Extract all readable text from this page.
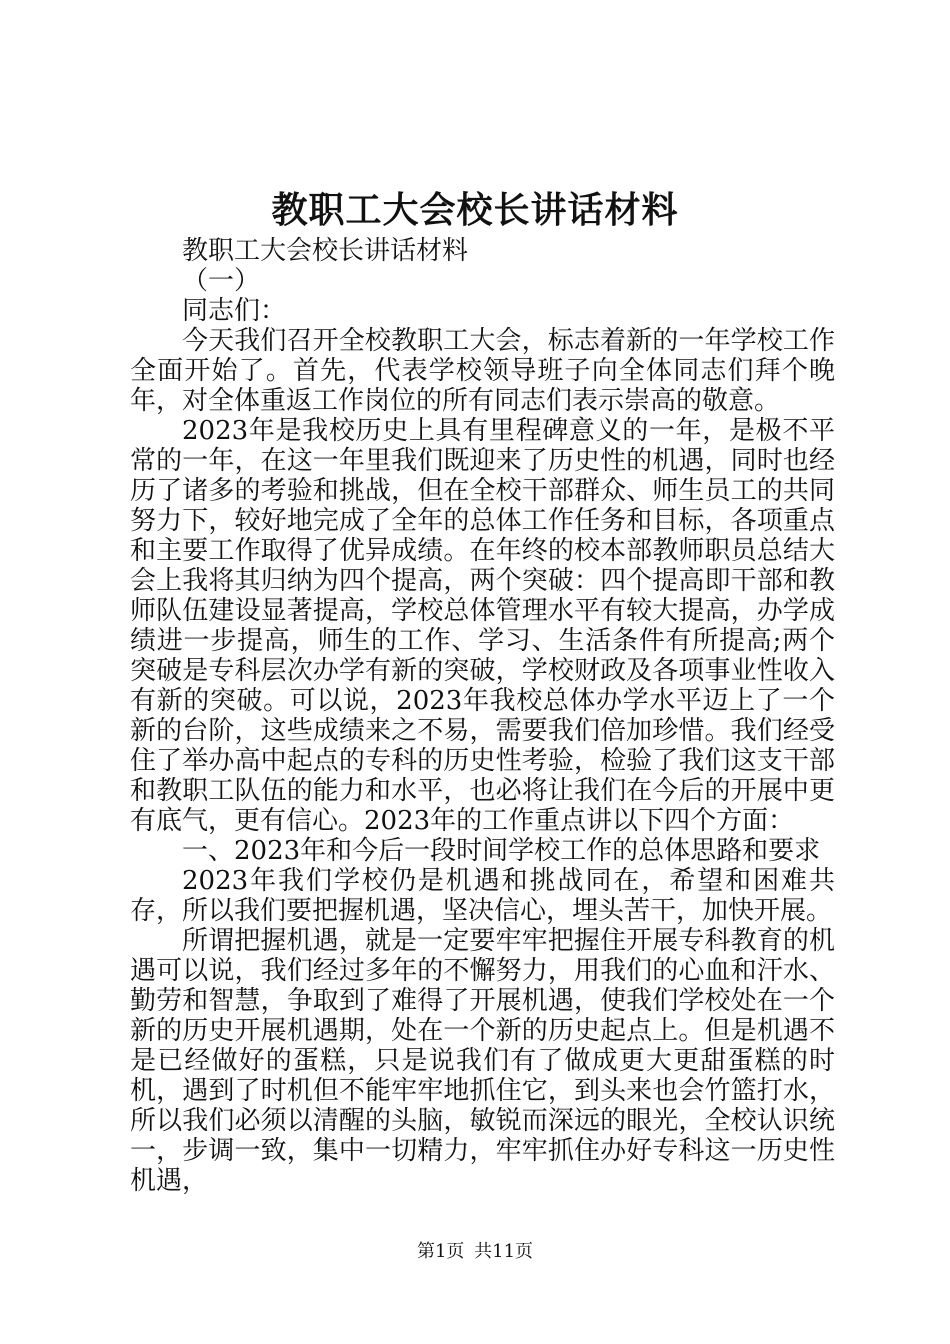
教职工大会校长讲话材料

教职工大会校长讲话材料

（一）

同志们：

今天我们召开全校教职工大会，标志着新的一年学校工作全面开始了。首先，代表学校领导班子向全体同志们拜个晚年，对全体重返工作岗位的所有同志们表示崇高的敬意。

2023年是我校历史上具有里程碑意义的一年，是极不平常的一年，在这一年里我们既迎来了历史性的机遇，同时也经历了诸多的考验和挑战，但在全校干部群众、师生员工的共同努力下，较好地完成了全年的总体工作任务和目标，各项重点和主要工作取得了优异成绩。在年终的校本部教师职员总结大会上我将其归纳为四个提高，两个突破：四个提高即干部和教师队伍建设显著提高，学校总体管理水平有较大提高，办学成绩进一步提高，师生的工作、学习、生活条件有所提高;两个突破是专科层次办学有新的突破，学校财政及各项事业性收入有新的突破。可以说，2023年我校总体办学水平迈上了一个新的台阶，这些成绩来之不易，需要我们倍加珍惜。我们经受住了举办高中起点的专科的历史性考验，检验了我们这支干部和教职工队伍的能力和水平，也必将让我们在今后的开展中更有底气，更有信心。2023年的工作重点讲以下四个方面：

一、2023年和今后一段时间学校工作的总体思路和要求

2023年我们学校仍是机遇和挑战同在，希望和困难共存，所以我们要把握机遇，坚决信心，埋头苦干，加快开展。

所谓把握机遇，就是一定要牢牢把握住开展专科教育的机遇可以说，我们经过多年的不懈努力，用我们的心血和汗水、勤劳和智慧，争取到了难得了开展机遇，使我们学校处在一个新的历史开展机遇期，处在一个新的历史起点上。但是机遇不是已经做好的蛋糕，只是说我们有了做成更大更甜蛋糕的时机，遇到了时机但不能牢牢地抓住它，到头来也会竹篮打水，所以我们必须以清醒的头脑，敏锐而深远的眼光，全校认识统一，步调一致，集中一切精力，牢牢抓住办好专科这一历史性机遇，

第1页 共11页
